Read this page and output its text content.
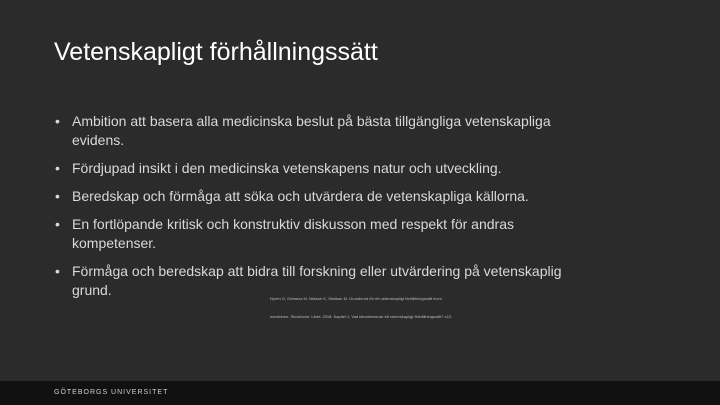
Vetenskapligt förhållningssätt
• Ambition att basera alla medicinska beslut på bästa tillgängliga vetenskapliga evidens.
• Fördjupad insikt i den medicinska vetenskapens natur och utveckling.
• Beredskap och förmåga att söka och utvärdera de vetenskapliga källorna.
• En fortlöpande kritisk och konstruktiv diskusson med respekt för andras kompetenser.
• Förmåga och beredskap att bidra till forskning eller utvärdering på vetenskaplig grund.
Nyrén O, Griewicz M, Nilsson K, Skeikan M. Grunderna för ett vetenskapligt förhållningssätt inom
medicinen. Stockholm: Liber; 2018. Kapitel 1: Vad kännetecknar ett vetenskapligt förhållningssätt? s12.
GÖTEBORGS UNIVERSITET
